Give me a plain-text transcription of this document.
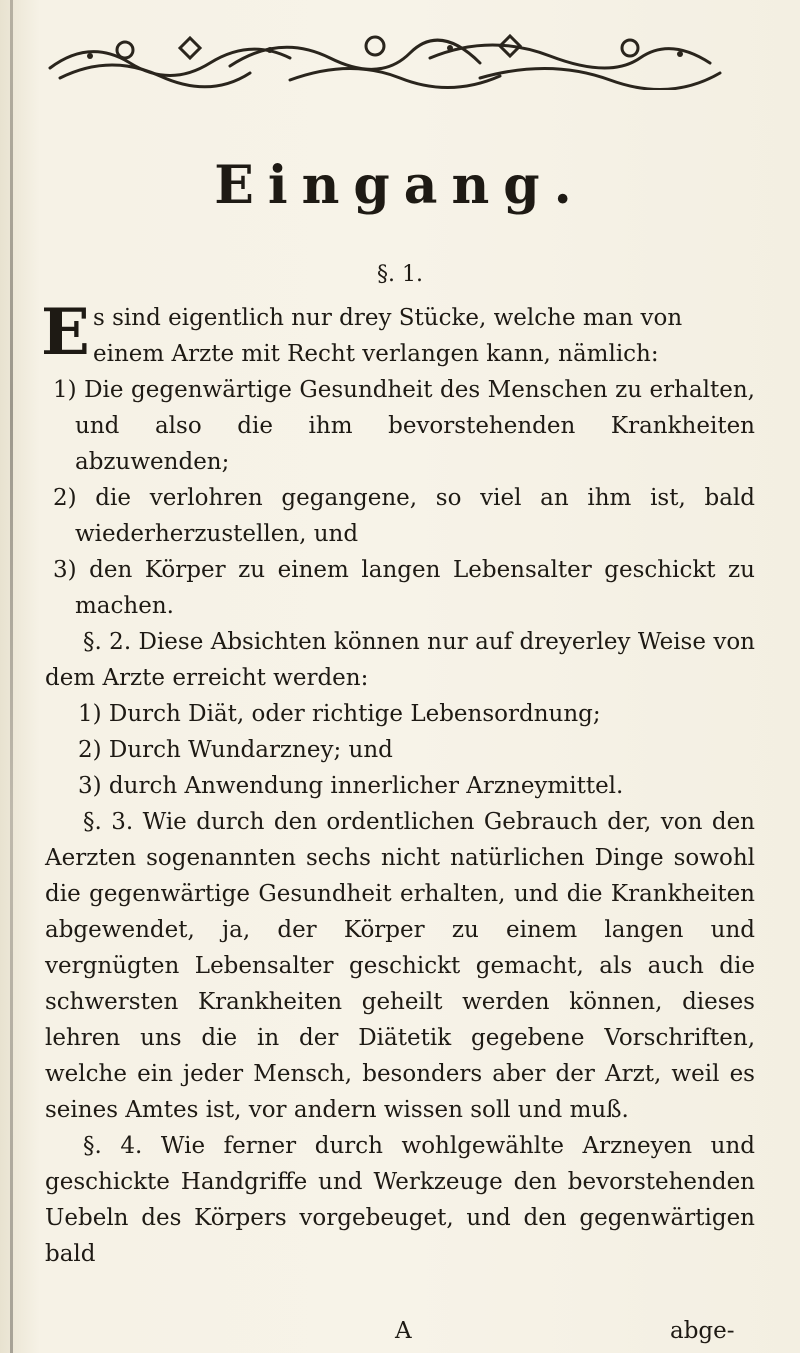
Eingang.
§. 1.
E s sind eigentlich nur drey Stücke, welche man von

einem Arzte mit Recht verlangen kann, nämlich:

1) Die gegenwärtige Gesundheit des Menschen zu erhalten, und also die ihm bevorstehenden Krankheiten abzuwenden;

2) die verlohren gegangene, so viel an ihm ist, bald wiederherzustellen, und

3) den Körper zu einem langen Lebensalter geschickt zu machen.

§. 2. Diese Absichten können nur auf dreyerley Weise von dem Arzte erreicht werden:

1) Durch Diät, oder richtige Lebensordnung;

2) Durch Wundarzney; und

3) durch Anwendung innerlicher Arzneymittel.

§. 3. Wie durch den ordentlichen Gebrauch der, von den Aerzten sogenannten sechs nicht natürlichen Dinge sowohl die gegenwärtige Gesundheit erhalten, und die Krankheiten abgewendet, ja, der Körper zu einem langen und vergnügten Lebensalter geschickt gemacht, als auch die schwersten Krankheiten geheilt werden können, dieses lehren uns die in der Diätetik gegebene Vorschriften, welche ein jeder Mensch, besonders aber der Arzt, weil es seines Amtes ist, vor andern wissen soll und muß.

§. 4. Wie ferner durch wohlgewählte Arzneyen und geschickte Handgriffe und Werkzeuge den bevorstehenden Uebeln des Körpers vorgebeuget, und den gegenwärtigen bald

A	abge-
